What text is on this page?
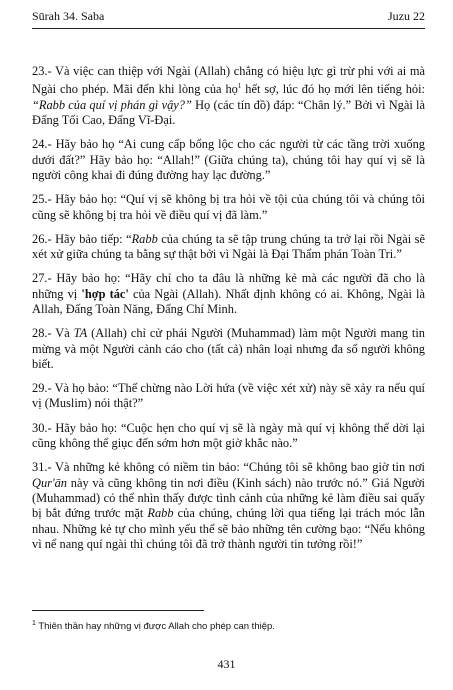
Sūrah 34. Saba	Juzu 22

23.- Và việc can thiệp với Ngài (Allah) chẳng có hiệu lực gì trừ phi với ai mà Ngài cho phép. Mãi đến khi lòng của họ$^1$ hết sợ, lúc đó họ mới lên tiếng hỏi: “Rabb của quí vị phán gì vậy?” Họ (các tín đồ) đáp: “Chân lý.” Bởi vì Ngài là Đấng Tối Cao, Đấng Vĩ-Đại.

24.- Hãy bảo họ “Ai cung cấp bổng lộc cho các người từ các tầng trời xuống dưới đất?” Hãy bảo họ: “Allah!” (Giữa chúng ta), chúng tôi hay quí vị sẽ là người công khai đi đúng đường hay lạc đường.”

25.- Hãy bảo họ: “Quí vị sẽ không bị tra hỏi về tội của chúng tôi và chúng tôi cũng sẽ không bị tra hỏi về điều quí vị đã làm.”

26.- Hãy bảo tiếp: “Rabb của chúng ta sẽ tập trung chúng ta trở lại rồi Ngài sẽ xét xử giữa chúng ta bằng sự thật bởi vì Ngài là Đại Thẩm phán Toàn Tri.”

27.- Hãy bảo họ: “Hãy chỉ cho ta đâu là những kẻ mà các người đã cho là những vị 'hợp tác' của Ngài (Allah). Nhất định không có ai. Không, Ngài là Allah, Đấng Toàn Năng, Đấng Chí Minh.

28.- Và TA (Allah) chỉ cử phái Người (Muhammad) làm một Người mang tin mừng và một Người cảnh cáo cho (tất cả) nhân loại nhưng đa số người không biết.

29.- Và họ bảo: “Thế chừng nào Lời hứa (về việc xét xử) này sẽ xảy ra nếu quí vị (Muslim) nói thật?”

30.- Hãy bảo họ: “Cuộc hẹn cho quí vị sẽ là ngày mà quí vị không thể dời lại cũng không thể giục đến sớm hơn một giờ khắc nào.”

31.- Và những kẻ không có niềm tin bảo: “Chúng tôi sẽ không bao giờ tin nơi Qur'ān này và cũng không tin nơi điều (Kinh sách) nào trước nó.” Giá Người (Muhammad) có thể nhìn thấy được tình cảnh của những kẻ làm điều sai quấy bị bắt đứng trước mặt Rabb của chúng, chúng lời qua tiếng lại trách móc lẫn nhau. Những kẻ tự cho mình yếu thế sẽ bảo những tên cường bạo: “Nếu không vì nể nang quí ngài thì chúng tôi đã trở thành người tin tưởng rồi!”

$^1$ Thiên thần hay những vị được Allah cho phép can thiệp.
431
